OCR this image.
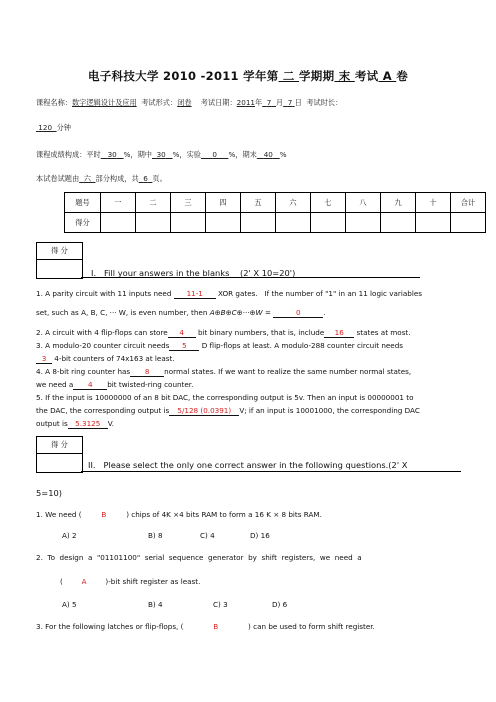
电子科技大学 2010 -2011 学年第 二 学期期 末 考试 A 卷
课程名称：数字逻辑设计及应用 考试形式：闭卷 考试日期：2011年 7 月 7 日 考试时长：
120 分钟
课程成绩构成：平时 30 %，期中 30 %，实验 0 %，期末 40 %
本试卷试题由 六 部分构成，共 6 页。
题号	一	二	三	四	五	六	七	八	九	十	合计
得分											
得 分
I.   Fill your answers in the blanks    (2' X 10=20')
1. A parity circuit with 11 inputs need 11-1 XOR gates.   If the number of "1" in an 11 logic variables
set, such as A, B, C, ··· W, is even number, then A⊕B⊕C⊕···⊕W =	0	.
2. A circuit with 4 flip-flops can store 4 bit binary numbers, that is, include 16 states at most.
3. A modulo-20 counter circuit needs 5 D flip-flops at least. A modulo-288 counter circuit needs
3 4-bit counters of 74x163 at least.
4. A 8-bit ring counter has 8 normal states. If we want to realize the same number normal states,
we need a 4 bit twisted-ring counter.
5. If the input is 10000000 of an 8 bit DAC, the corresponding output is 5v. Then an input is 00000001 to
the DAC, the corresponding output is 5/128 (0.0391) V; if an input is 10001000, the corresponding DAC
output is 5.3125 V.
得 分
II.   Please select the only one correct answer in the following questions.(2' X
5=10)
1. We need (	B	) chips of 4K ×4 bits RAM to form a 16 K × 8 bits RAM.
A) 2	B) 8	C) 4	D) 16
2.  To  design  a  "01101100"  serial  sequence  generator  by  shift  registers,  we  need  a
(	A	)-bit shift register as least.
A) 5	B) 4	C) 3	D) 6
3. For the following latches or flip-flops, (	B	) can be used to form shift register.
